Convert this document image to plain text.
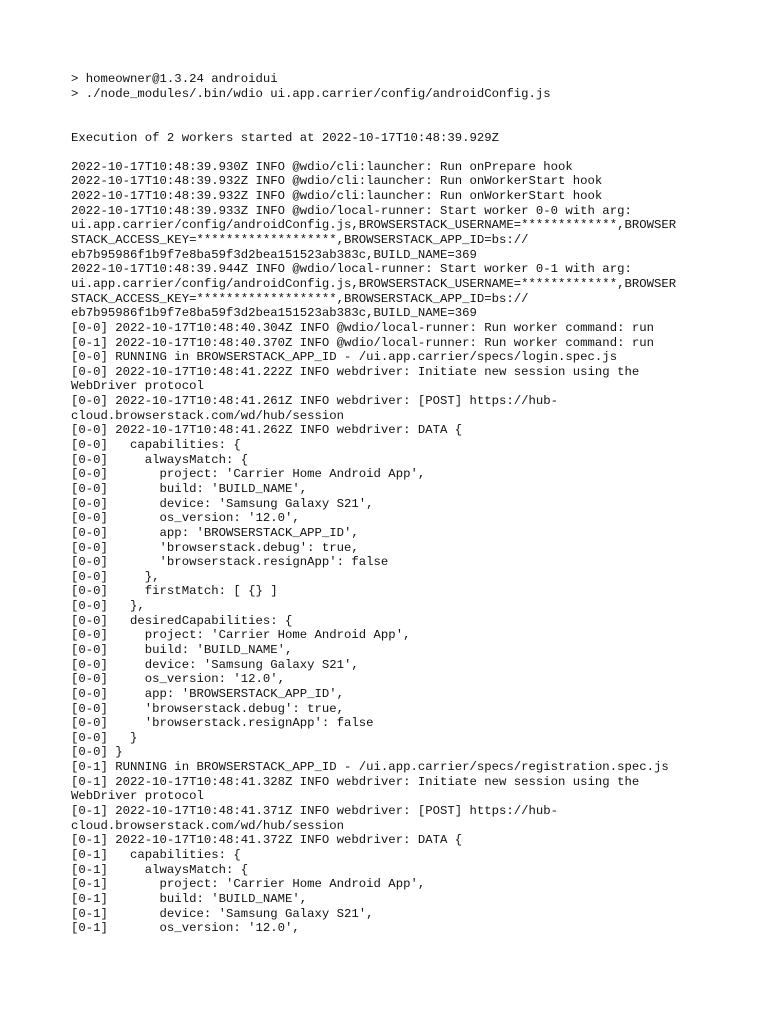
> homeowner@1.3.24 androidui
> ./node_modules/.bin/wdio ui.app.carrier/config/androidConfig.js
Execution of 2 workers started at 2022-10-17T10:48:39.929Z
2022-10-17T10:48:39.930Z INFO @wdio/cli:launcher: Run onPrepare hook
2022-10-17T10:48:39.932Z INFO @wdio/cli:launcher: Run onWorkerStart hook
2022-10-17T10:48:39.932Z INFO @wdio/cli:launcher: Run onWorkerStart hook
2022-10-17T10:48:39.933Z INFO @wdio/local-runner: Start worker 0-0 with arg:
ui.app.carrier/config/androidConfig.js,BROWSERSTACK_USERNAME=*************,BROWSER
STACK_ACCESS_KEY=*******************,BROWSERSTACK_APP_ID=bs://
eb7b95986f1b9f7e8ba59f3d2bea151523ab383c,BUILD_NAME=369
2022-10-17T10:48:39.944Z INFO @wdio/local-runner: Start worker 0-1 with arg:
ui.app.carrier/config/androidConfig.js,BROWSERSTACK_USERNAME=*************,BROWSER
STACK_ACCESS_KEY=*******************,BROWSERSTACK_APP_ID=bs://
eb7b95986f1b9f7e8ba59f3d2bea151523ab383c,BUILD_NAME=369
[0-0] 2022-10-17T10:48:40.304Z INFO @wdio/local-runner: Run worker command: run
[0-1] 2022-10-17T10:48:40.370Z INFO @wdio/local-runner: Run worker command: run
[0-0] RUNNING in BROWSERSTACK_APP_ID - /ui.app.carrier/specs/login.spec.js
[0-0] 2022-10-17T10:48:41.222Z INFO webdriver: Initiate new session using the
WebDriver protocol
[0-0] 2022-10-17T10:48:41.261Z INFO webdriver: [POST] https://hub-
cloud.browserstack.com/wd/hub/session
[0-0] 2022-10-17T10:48:41.262Z INFO webdriver: DATA {
[0-0]   capabilities: {
[0-0]     alwaysMatch: {
[0-0]       project: 'Carrier Home Android App',
[0-0]       build: 'BUILD_NAME',
[0-0]       device: 'Samsung Galaxy S21',
[0-0]       os_version: '12.0',
[0-0]       app: 'BROWSERSTACK_APP_ID',
[0-0]       'browserstack.debug': true,
[0-0]       'browserstack.resignApp': false
[0-0]     },
[0-0]     firstMatch: [ {} ]
[0-0]   },
[0-0]   desiredCapabilities: {
[0-0]     project: 'Carrier Home Android App',
[0-0]     build: 'BUILD_NAME',
[0-0]     device: 'Samsung Galaxy S21',
[0-0]     os_version: '12.0',
[0-0]     app: 'BROWSERSTACK_APP_ID',
[0-0]     'browserstack.debug': true,
[0-0]     'browserstack.resignApp': false
[0-0]   }
[0-0] }
[0-1] RUNNING in BROWSERSTACK_APP_ID - /ui.app.carrier/specs/registration.spec.js
[0-1] 2022-10-17T10:48:41.328Z INFO webdriver: Initiate new session using the
WebDriver protocol
[0-1] 2022-10-17T10:48:41.371Z INFO webdriver: [POST] https://hub-
cloud.browserstack.com/wd/hub/session
[0-1] 2022-10-17T10:48:41.372Z INFO webdriver: DATA {
[0-1]   capabilities: {
[0-1]     alwaysMatch: {
[0-1]       project: 'Carrier Home Android App',
[0-1]       build: 'BUILD_NAME',
[0-1]       device: 'Samsung Galaxy S21',
[0-1]       os_version: '12.0',
